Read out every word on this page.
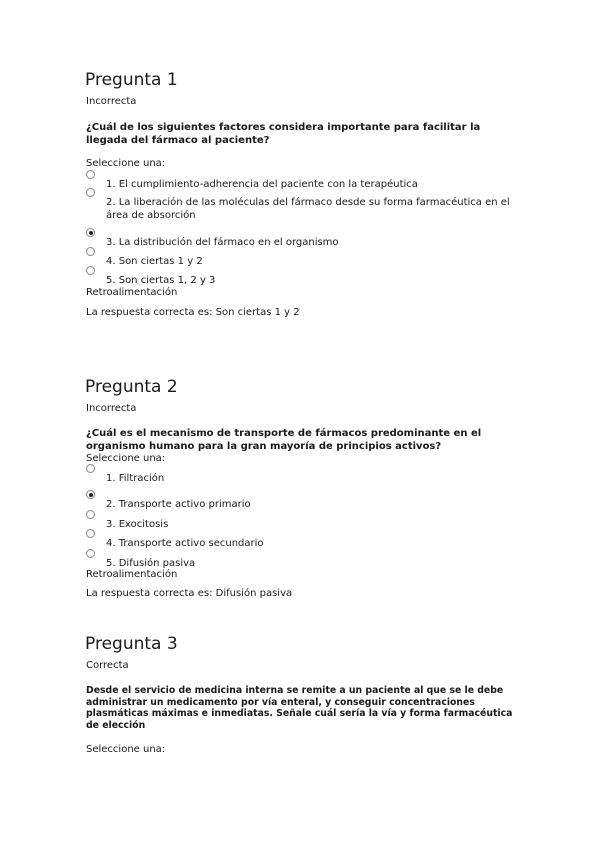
Pregunta 1
Incorrecta
¿Cuál de los siguientes factores considera importante para facilitar la llegada del fármaco al paciente?
Seleccione una:
1. El cumplimiento-adherencia del paciente con la terapéutica
2. La liberación de las moléculas del fármaco desde su forma farmacéutica en el área de absorción
3. La distribución del fármaco en el organismo
4. Son ciertas 1 y 2
5. Son ciertas 1, 2 y 3
Retroalimentación
La respuesta correcta es: Son ciertas 1 y 2
Pregunta 2
Incorrecta
¿Cuál es el mecanismo de transporte de fármacos predominante en el organismo humano para la gran mayoría de principios activos?
Seleccione una:
1. Filtración
2. Transporte activo primario
3. Exocitosis
4. Transporte activo secundario
5. Difusión pasiva
Retroalimentación
La respuesta correcta es: Difusión pasiva
Pregunta 3
Correcta
Desde el servicio de medicina interna se remite a un paciente al que se le debe administrar un medicamento por vía enteral, y conseguir concentraciones plasmáticas máximas e inmediatas. Señale cuál sería la vía y forma farmacéutica de elección
Seleccione una:
